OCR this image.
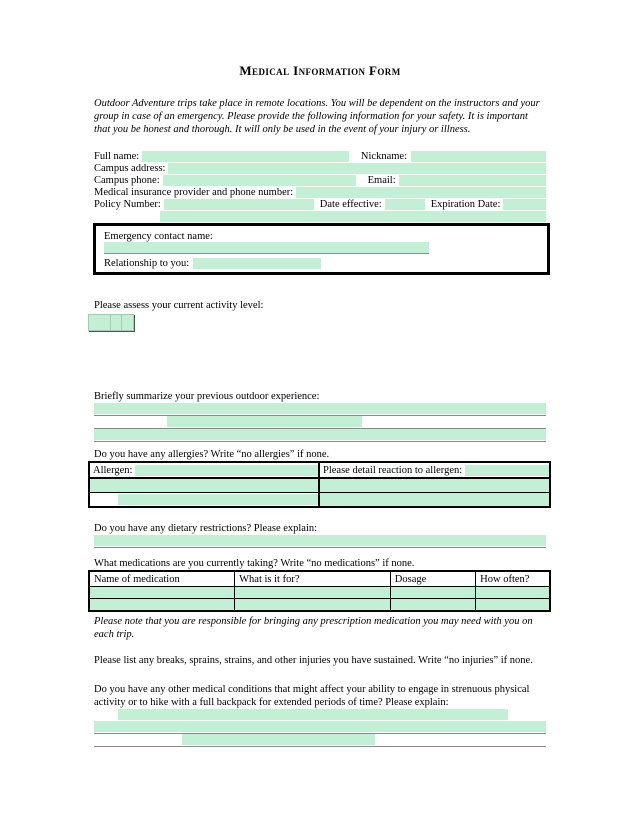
Medical Information Form

Outdoor Adventure trips take place in remote locations. You will be dependent on the instructors and your group in case of an emergency. Please provide the following information for your safety. It is important that you be honest and thorough. It will only be used in the event of your injury or illness.

Full name:	Nickname:
Campus address:
Campus phone:	Email:
Medical insurance provider and phone number:
Policy Number:	Date effective:	Expiration Date:
Emergency contact name:
Relationship to you:

Please assess your current activity level:

Briefly summarize your previous outdoor experience:

Do you have any allergies? Write “no allergies” if none.

Allergen:	Please detail reaction to allergen:

Do you have any dietary restrictions? Please explain:

What medications are you currently taking? Write “no medications” if none.

Name of medication	What is it for?	Dosage	How often?

Please note that you are responsible for bringing any prescription medication you may need with you on each trip.

Please list any breaks, sprains, strains, and other injuries you have sustained. Write “no injuries” if none.

Do you have any other medical conditions that might affect your ability to engage in strenuous physical activity or to hike with a full backpack for extended periods of time? Please explain:
